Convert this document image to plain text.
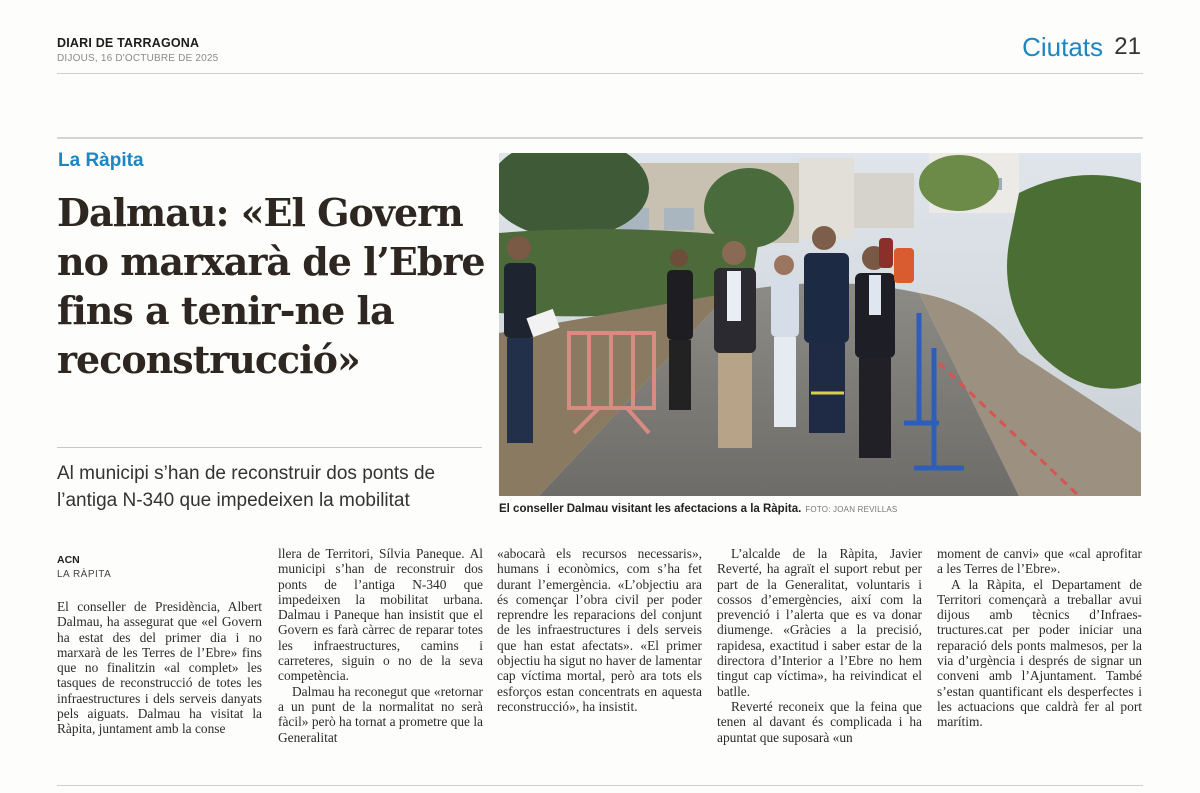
DIARI DE TARRAGONA
DIJOUS, 16 D'OCTUBRE DE 2025	Ciutats 21
La Ràpita
Dalmau: «El Govern no marxarà de l’Ebre fins a tenir-ne la reconstrucció»

Al municipi s’han de reconstruir dos ponts de l’antiga N-340 que impedeixen la mobilitat	El conseller Dalmau visitant les afectacions a la Ràpita. FOTO: JOAN REVILLAS
ACN
LA RÀPITA

El conseller de Presidència, Albert Dalmau, ha assegurat que «el Govern ha estat des del primer dia i no marxarà de les Terres de l’Ebre» fins que no finalitzin «al complet» les tasques de reconstrucció de totes les infraestructures i dels serveis danyats pels aiguats. Dalmau ha visitat la Ràpita, juntament amb la conse

llera de Territori, Sílvia Paneque. Al municipi s’han de reconstruir dos ponts de l’antiga N-340 que impedeixen la mobilitat urbana. Dalmau i Paneque han insistit que el Govern es farà càrrec de reparar totes les infraestructures, camins i carreteres, siguin o no de la seva competència.

Dalmau ha reconegut que «retornar a un punt de la normalitat no serà fàcil» però ha tornat a prometre que la Generalitat

«abocarà els recursos necessaris», humans i econòmics, com s’ha fet durant l’emergència. «L’objectiu ara és començar l’obra civil per poder reprendre les reparacions del conjunt de les infraestructures i dels serveis que han estat afectats». «El primer objectiu ha sigut no haver de lamentar cap víctima mortal, però ara tots els esforços estan concentrats en aquesta reconstrucció», ha insistit.

L’alcalde de la Ràpita, Javier Reverté, ha agraït el suport rebut per part de la Generalitat, voluntaris i cossos d’emergències, així com la prevenció i l’alerta que es va donar diumenge. «Gràcies a la precisió, rapidesa, exactitud i saber estar de la directora d’Interior a l’Ebre no hem tingut cap víctima», ha reivindicat el batlle.

Reverté reconeix que la feina que tenen al davant és complicada i ha apuntat que suposarà «un

moment de canvi» que «cal aprofitar a les Terres de l’Ebre».

A la Ràpita, el Departament de Territori començarà a treballar avui dijous amb tècnics d’Infraestructures.cat per poder iniciar una reparació dels ponts malmesos, per la via d’urgència i després de signar un conveni amb l’Ajuntament. També s’estan quantificant els desperfectes i les actuacions que caldrà fer al port marítim.
